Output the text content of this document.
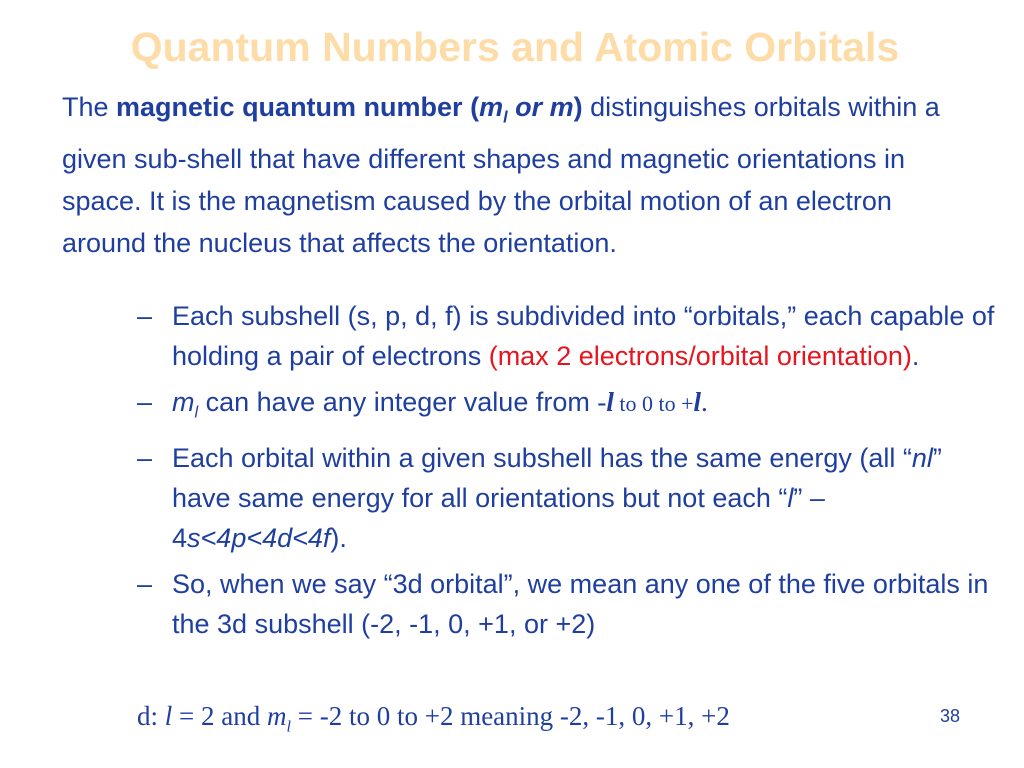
Quantum Numbers and Atomic Orbitals
The magnetic quantum number ($m_l$ or m) distinguishes orbitals within a given sub-shell that have different shapes and magnetic orientations in space. It is the magnetism caused by the orbital motion of an electron around the nucleus that affects the orientation.
– Each subshell (s, p, d, f) is subdivided into “orbitals,” each capable of holding a pair of electrons (max 2 electrons/orbital orientation).
– $m_l$ can have any integer value from -l to 0 to +l.
– Each orbital within a given subshell has the same energy (all “nl” have same energy for all orientations but not each “l” – 4s<4p<4d<4f).
– So, when we say “3d orbital”, we mean any one of the five orbitals in the 3d subshell (-2, -1, 0, +1, or +2)
d: l = 2 and $m_l = -2$ to 0 to +2 meaning -2, -1, 0, +1, +2	38
